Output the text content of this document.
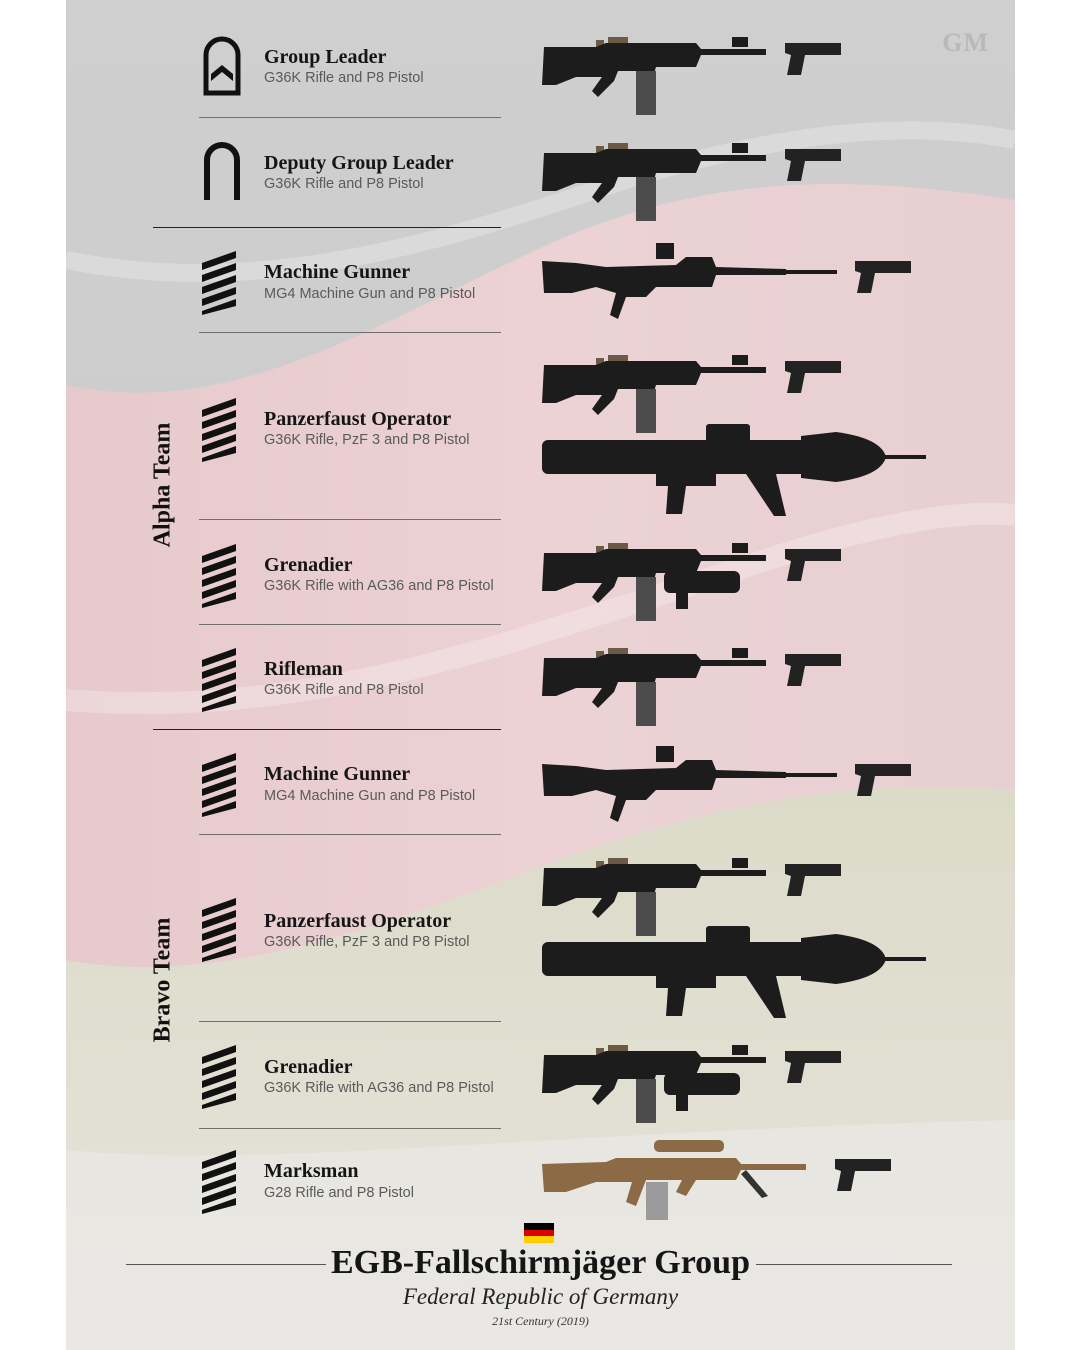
GM
Alpha Team
Bravo Team
Group Leader
G36K Rifle and P8 Pistol
Deputy Group Leader
G36K Rifle and P8 Pistol
Machine Gunner
MG4 Machine Gun and P8 Pistol
Panzerfaust Operator
G36K Rifle, PzF 3 and P8 Pistol
Grenadier
G36K Rifle with AG36 and P8 Pistol
Rifleman
G36K Rifle and P8 Pistol
Machine Gunner
MG4 Machine Gun and P8 Pistol
Panzerfaust Operator
G36K Rifle, PzF 3 and P8 Pistol
Grenadier
G36K Rifle with AG36 and P8 Pistol
Marksman
G28 Rifle and P8 Pistol
EGB-Fallschirmjäger Group
Federal Republic of Germany
21st Century (2019)
